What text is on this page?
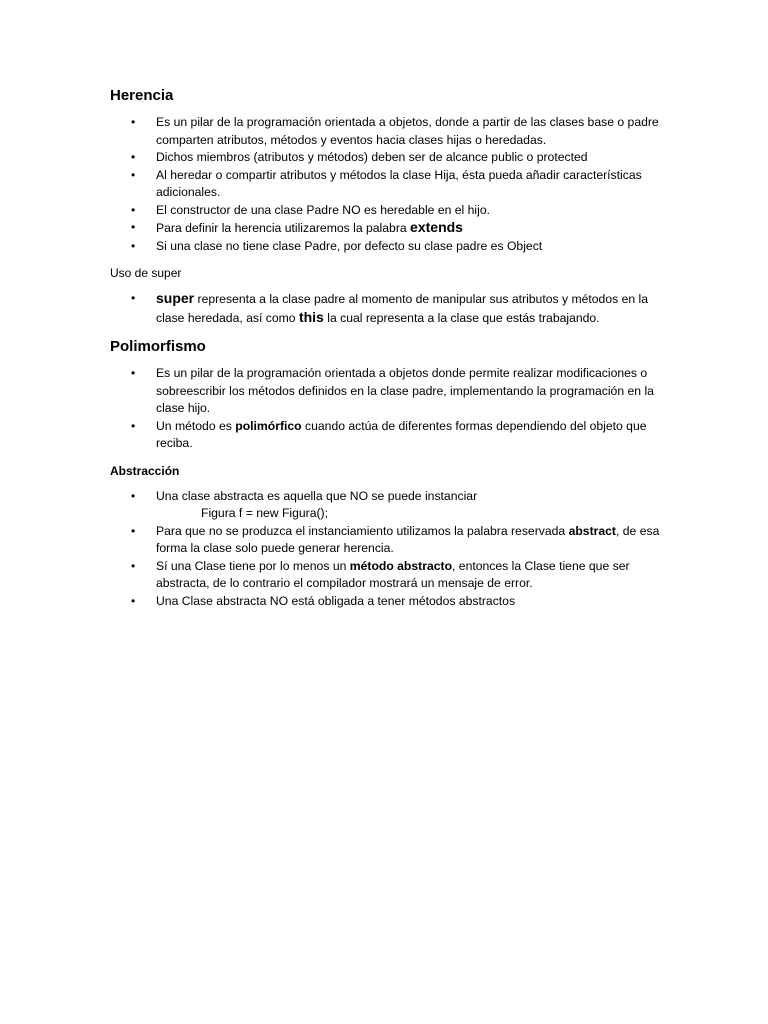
Herencia
• Es un pilar de la programación orientada a objetos, donde a partir de las clases base o padre comparten atributos, métodos y eventos hacia clases hijas o heredadas.
• Dichos miembros (atributos y métodos) deben ser de alcance public o protected
• Al heredar o compartir atributos y métodos la clase Hija, ésta pueda añadir características adicionales.
• El constructor de una clase Padre NO es heredable en el hijo.
• Para definir la herencia utilizaremos la palabra extends
• Si una clase no tiene clase Padre, por defecto su clase padre es Object

Uso de super

• super representa a la clase padre al momento de manipular sus atributos y métodos en la clase heredada, así como this la cual representa a la clase que estás trabajando.
Polimorfismo
• Es un pilar de la programación orientada a objetos donde permite realizar modificaciones o sobreescribir los métodos definidos en la clase padre, implementando la programación en la clase hijo.
• Un método es polimórfico cuando actúa de diferentes formas dependiendo del objeto que reciba.

Abstracción

• Una clase abstracta es aquella que NO se puede instanciar
Figura f = new Figura();
• Para que no se produzca el instanciamiento utilizamos la palabra reservada abstract, de esa forma la clase solo puede generar herencia.
• Sí una Clase tiene por lo menos un método abstracto, entonces la Clase tiene que ser abstracta, de lo contrario el compilador mostrará un mensaje de error.
• Una Clase abstracta NO está obligada a tener métodos abstractos
